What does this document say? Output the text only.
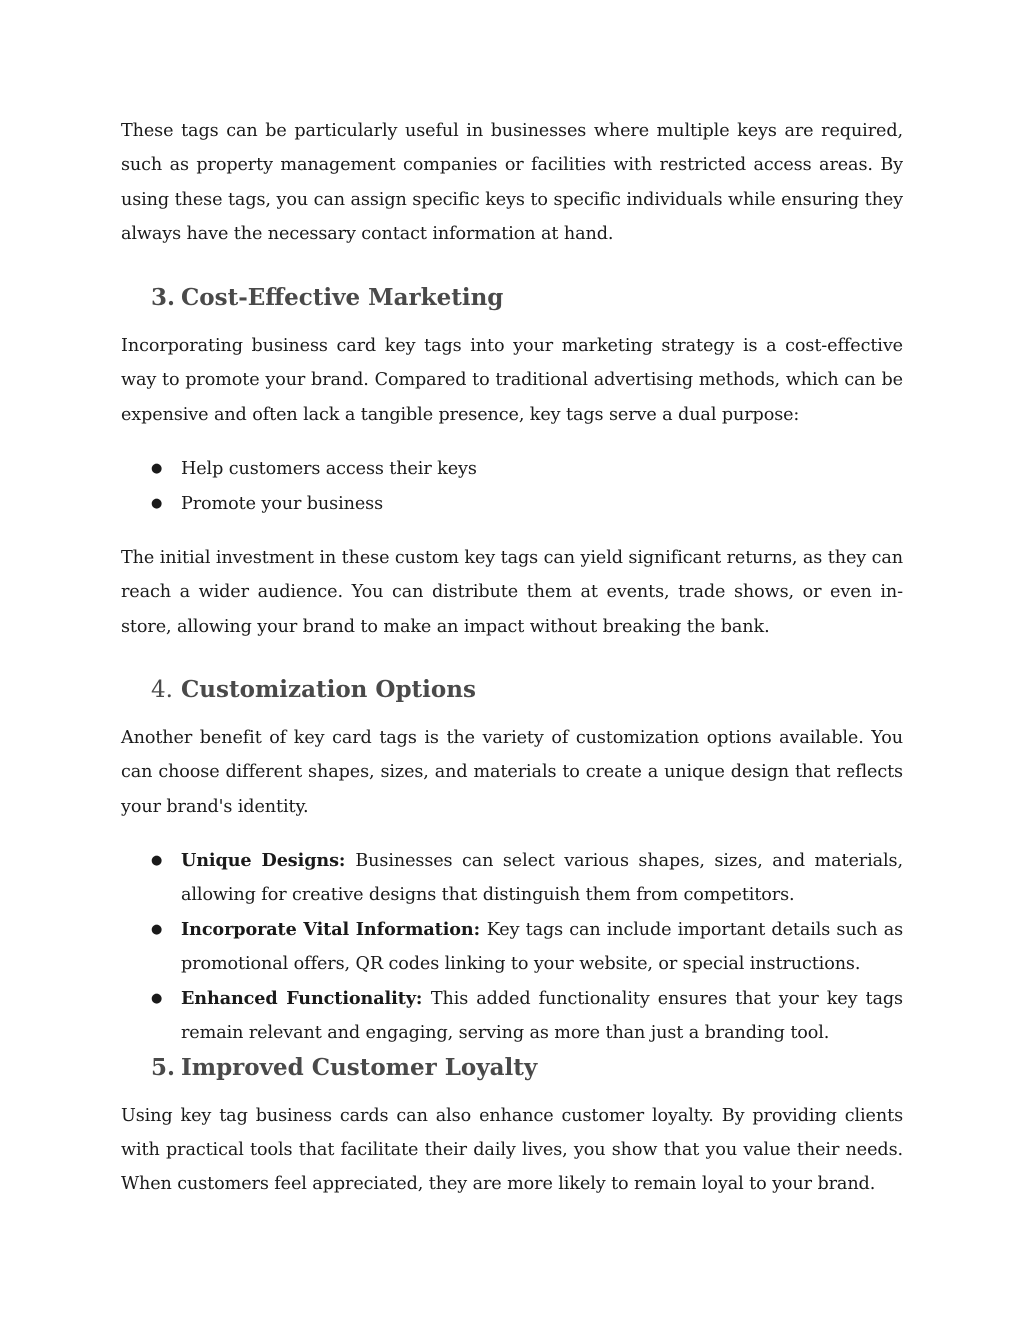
These tags can be particularly useful in businesses where multiple keys are required, such as property management companies or facilities with restricted access areas. By using these tags, you can assign specific keys to specific individuals while ensuring they always have the necessary contact information at hand.

3. Cost-Effective Marketing

Incorporating business card key tags into your marketing strategy is a cost-effective way to promote your brand. Compared to traditional advertising methods, which can be expensive and often lack a tangible presence, key tags serve a dual purpose:

● Help customers access their keys
● Promote your business

The initial investment in these custom key tags can yield significant returns, as they can reach a wider audience. You can distribute them at events, trade shows, or even in-store, allowing your brand to make an impact without breaking the bank.

4. Customization Options

Another benefit of key card tags is the variety of customization options available. You can choose different shapes, sizes, and materials to create a unique design that reflects your brand's identity.

● Unique Designs: Businesses can select various shapes, sizes, and materials, allowing for creative designs that distinguish them from competitors.
● Incorporate Vital Information: Key tags can include important details such as promotional offers, QR codes linking to your website, or special instructions.
● Enhanced Functionality: This added functionality ensures that your key tags remain relevant and engaging, serving as more than just a branding tool.
5. Improved Customer Loyalty

Using key tag business cards can also enhance customer loyalty. By providing clients with practical tools that facilitate their daily lives, you show that you value their needs. When customers feel appreciated, they are more likely to remain loyal to your brand.
